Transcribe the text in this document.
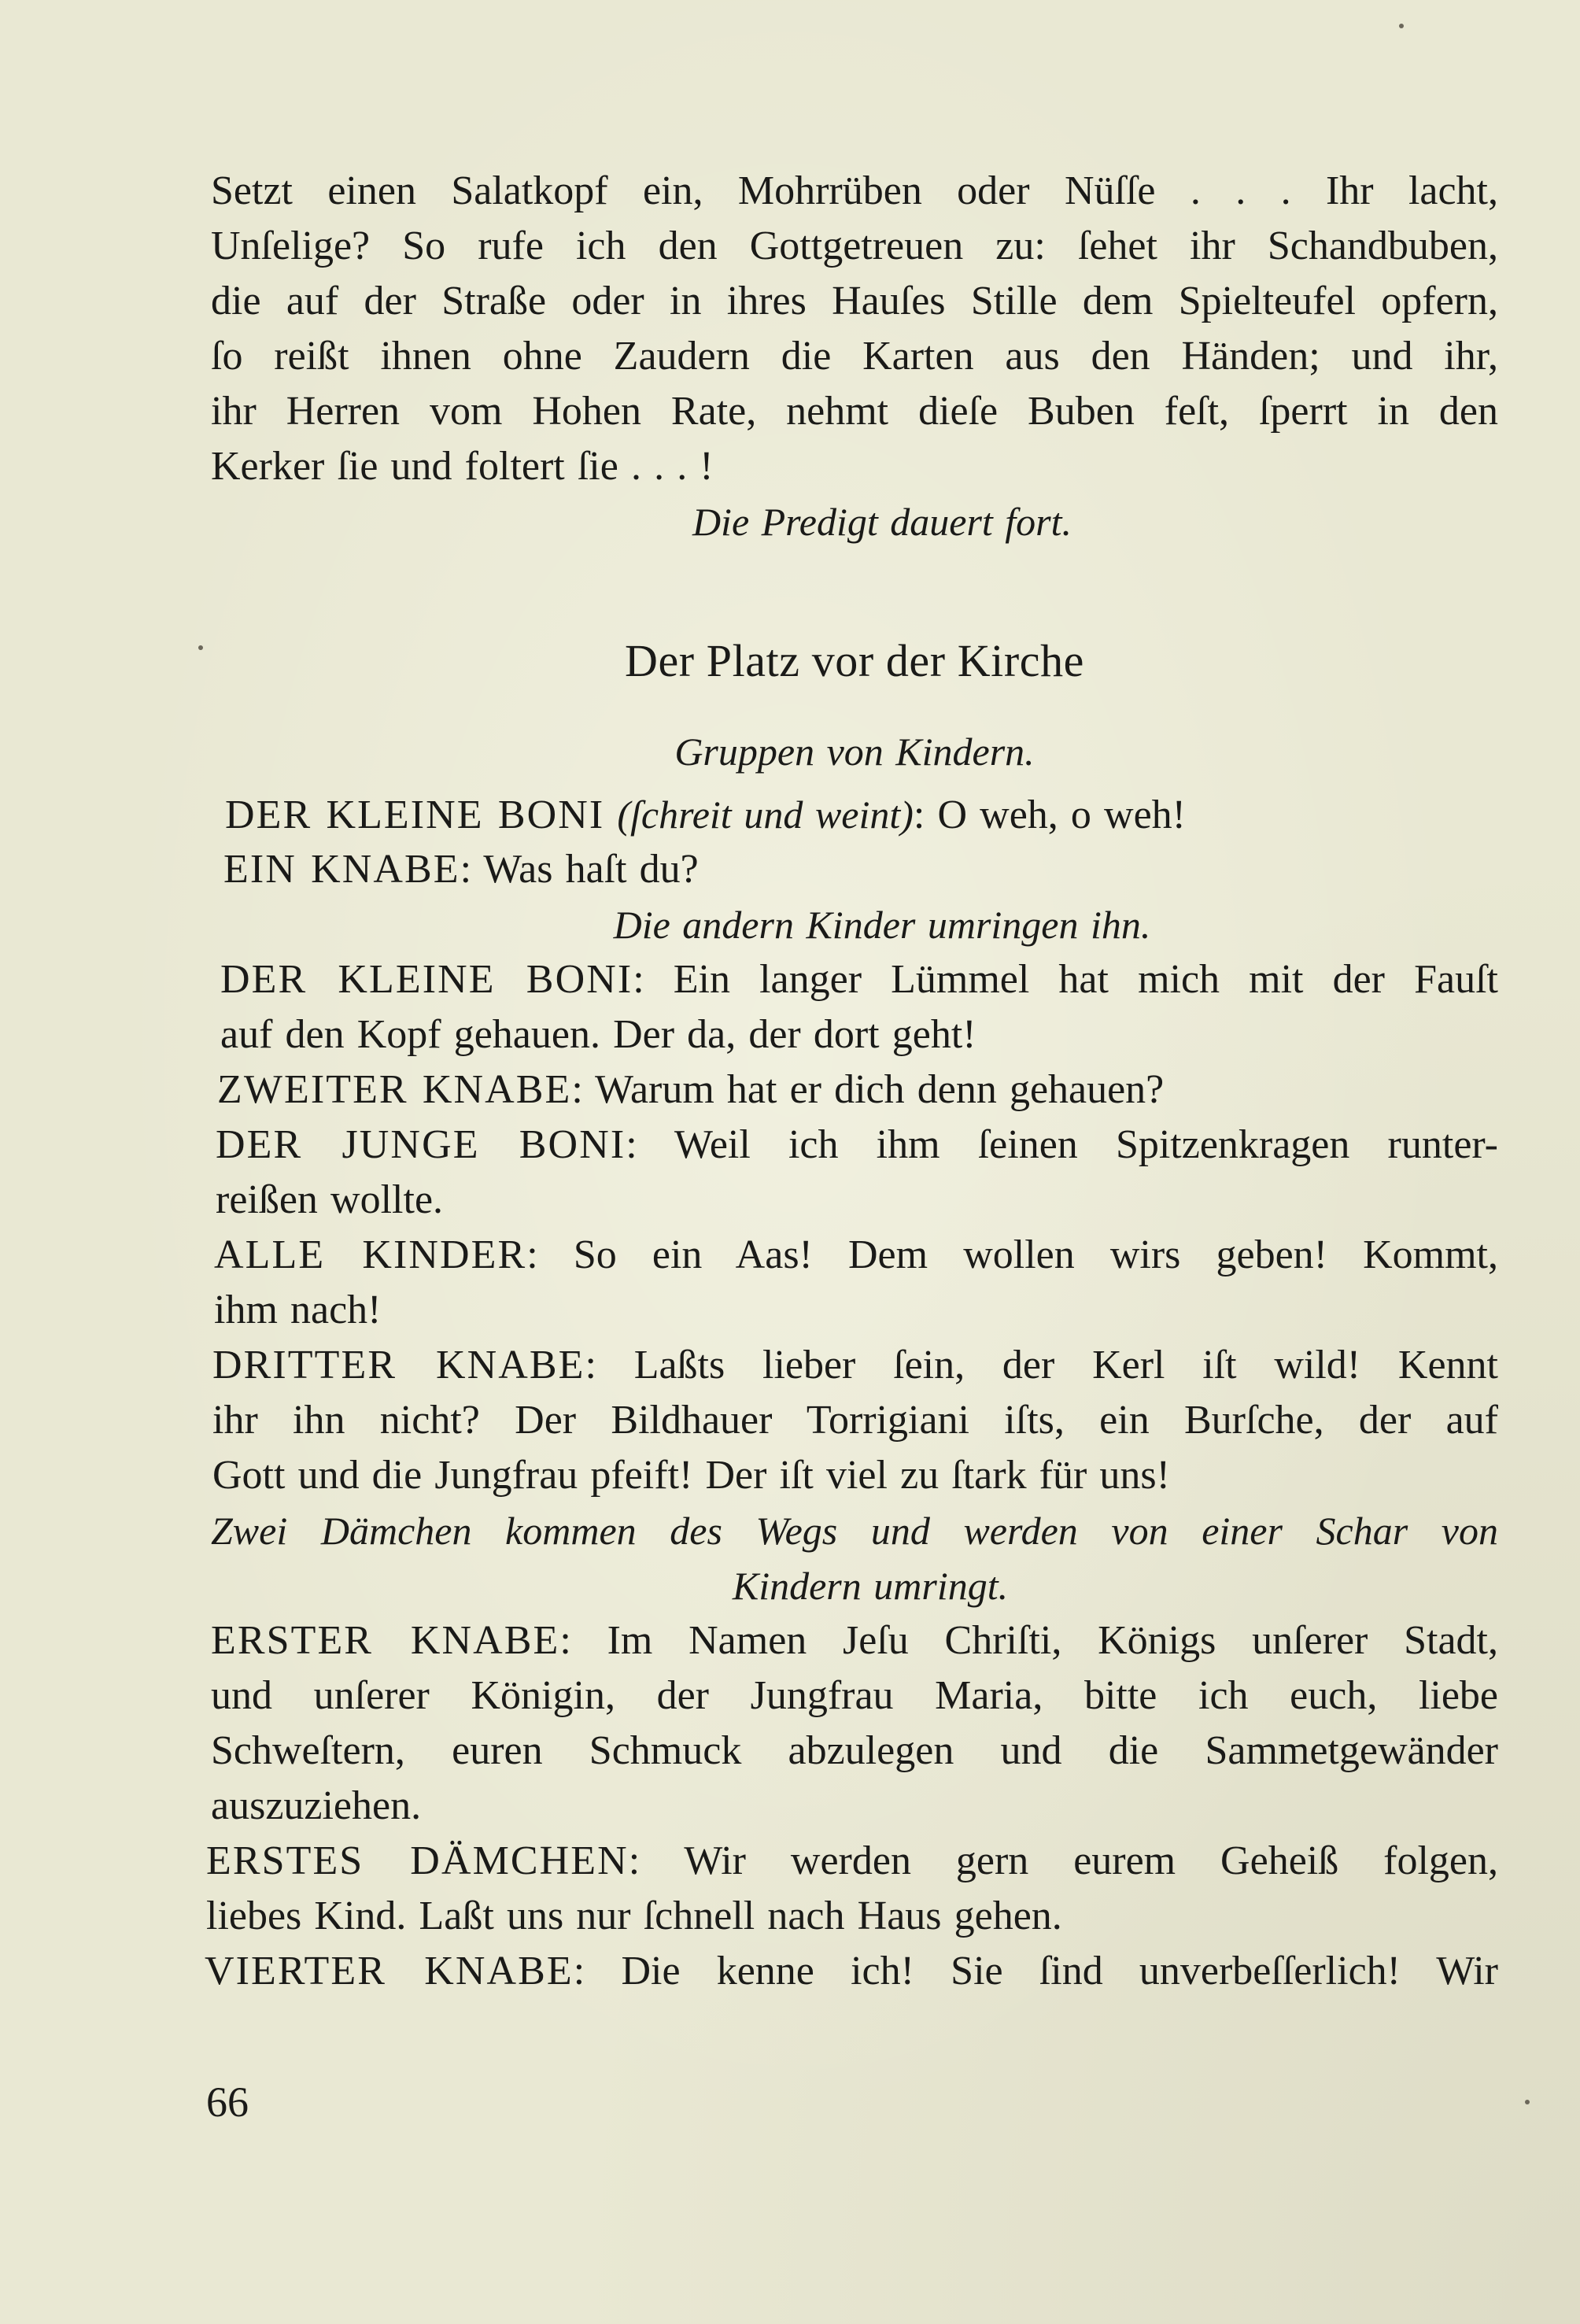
Setzt einen Salatkopf ein, Mohrrüben oder Nüſſe . . . Ihr lacht,
Unſelige? So rufe ich den Gottgetreuen zu: ſehet ihr Schandbuben,
die auf der Straße oder in ihres Hauſes Stille dem Spielteufel opfern,
ſo reißt ihnen ohne Zaudern die Karten aus den Händen; und ihr,
ihr Herren vom Hohen Rate, nehmt dieſe Buben feſt, ſperrt in den
Kerker ſie und foltert ſie . . . !
Die Predigt dauert fort.
Der Platz vor der Kirche
Gruppen von Kindern.
DER KLEINE BONI (ſchreit und weint): O weh, o weh!
EIN KNABE: Was haſt du?
Die andern Kinder umringen ihn.
DER KLEINE BONI: Ein langer Lümmel hat mich mit der Fauſt
auf den Kopf gehauen. Der da, der dort geht!
ZWEITER KNABE: Warum hat er dich denn gehauen?
DER JUNGE BONI: Weil ich ihm ſeinen Spitzenkragen runter-
reißen wollte.
ALLE KINDER: So ein Aas! Dem wollen wirs geben! Kommt,
ihm nach!
DRITTER KNABE: Laßts lieber ſein, der Kerl iſt wild! Kennt
ihr ihn nicht? Der Bildhauer Torrigiani iſts, ein Burſche, der auf
Gott und die Jungfrau pfeift! Der iſt viel zu ſtark für uns!
Zwei Dämchen kommen des Wegs und werden von einer Schar von
Kindern umringt.
ERSTER KNABE: Im Namen Jeſu Chriſti, Königs unſerer Stadt,
und unſerer Königin, der Jungfrau Maria, bitte ich euch, liebe
Schweſtern, euren Schmuck abzulegen und die Sammetgewänder
auszuziehen.
ERSTES DÄMCHEN: Wir werden gern eurem Geheiß folgen,
liebes Kind. Laßt uns nur ſchnell nach Haus gehen.
VIERTER KNABE: Die kenne ich! Sie ſind unverbeſſerlich! Wir
66
